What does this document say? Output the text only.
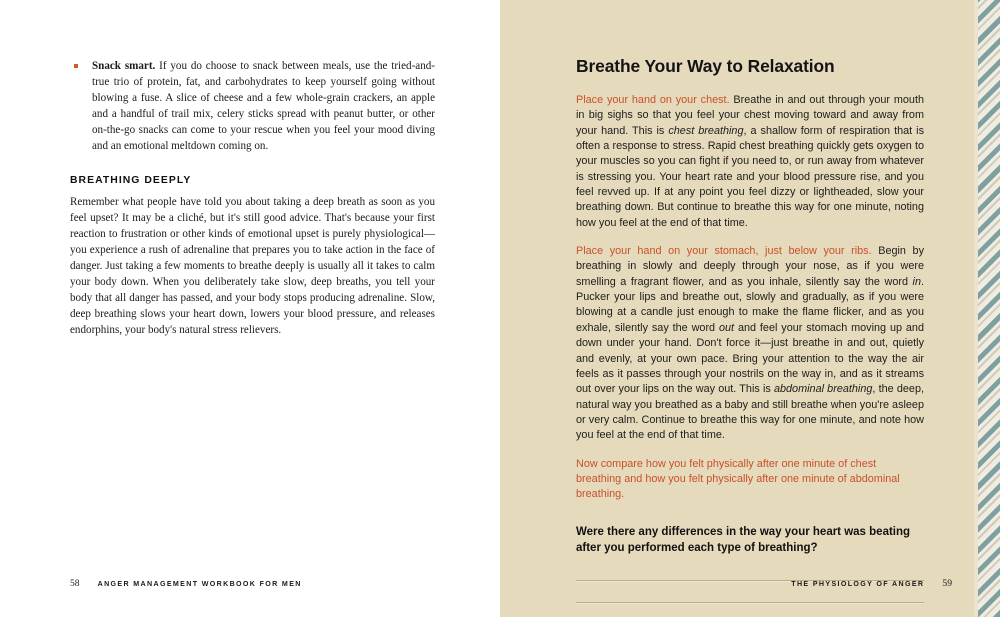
Snack smart. If you do choose to snack between meals, use the tried-and-true trio of protein, fat, and carbohydrates to keep yourself going without blowing a fuse. A slice of cheese and a few whole-grain crackers, an apple and a handful of trail mix, celery sticks spread with peanut butter, or other on-the-go snacks can come to your rescue when you feel your mood diving and an emotional meltdown coming on.
BREATHING DEEPLY
Remember what people have told you about taking a deep breath as soon as you feel upset? It may be a cliché, but it's still good advice. That's because your first reaction to frustration or other kinds of emotional upset is purely physiological—you experience a rush of adrenaline that prepares you to take action in the face of danger. Just taking a few moments to breathe deeply is usually all it takes to calm your body down. When you deliberately take slow, deep breaths, you tell your body that all danger has passed, and your body stops producing adrenaline. Slow, deep breathing slows your heart down, lowers your blood pressure, and releases endorphins, your body's natural stress relievers.
58	ANGER MANAGEMENT WORKBOOK FOR MEN
Breathe Your Way to Relaxation

Place your hand on your chest. Breathe in and out through your mouth in big sighs so that you feel your chest moving toward and away from your hand. This is chest breathing, a shallow form of respiration that is often a response to stress. Rapid chest breathing quickly gets oxygen to your muscles so you can fight if you need to, or run away from whatever is stressing you. Your heart rate and your blood pressure rise, and you feel revved up. If at any point you feel dizzy or lightheaded, slow your breathing down. But continue to breathe this way for one minute, noting how you feel at the end of that time.

Place your hand on your stomach, just below your ribs. Begin by breathing in slowly and deeply through your nose, as if you were smelling a fragrant flower, and as you inhale, silently say the word in. Pucker your lips and breathe out, slowly and gradually, as if you were blowing at a candle just enough to make the flame flicker, and as you exhale, silently say the word out and feel your stomach moving up and down under your hand. Don't force it—just breathe in and out, quietly and evenly, at your own pace. Bring your attention to the way the air feels as it passes through your nostrils on the way in, and as it streams out over your lips on the way out. This is abdominal breathing, the deep, natural way you breathed as a baby and still breathe when you're asleep or very calm. Continue to breathe this way for one minute, and note how you feel at the end of that time.

Now compare how you felt physically after one minute of chest breathing and how you felt physically after one minute of abdominal breathing.

Were there any differences in the way your heart was beating after you performed each type of breathing?

THE PHYSIOLOGY OF ANGER 59
